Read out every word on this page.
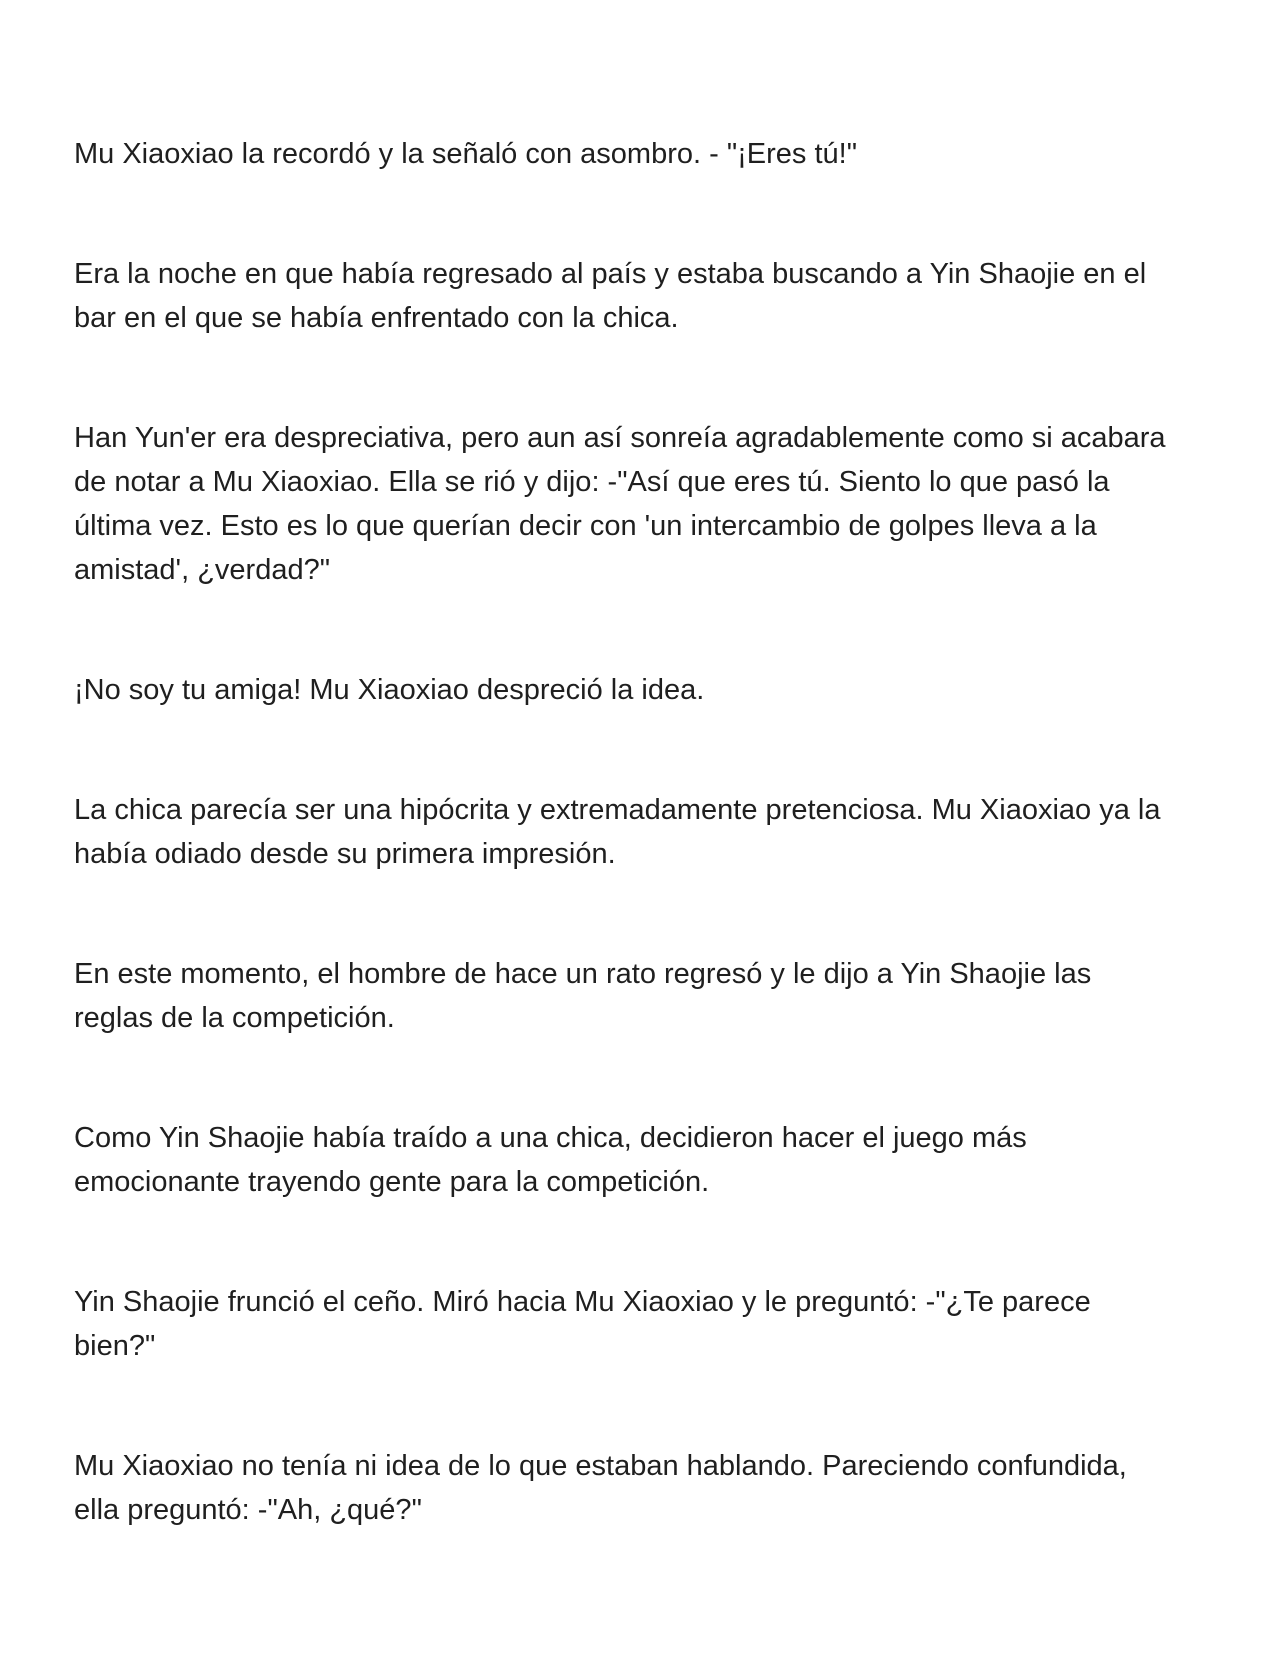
Mu Xiaoxiao la recordó y la señaló con asombro. - "¡Eres tú!"

Era la noche en que había regresado al país y estaba buscando a Yin Shaojie en el
bar en el que se había enfrentado con la chica.

Han Yun'er era despreciativa, pero aun así sonreía agradablemente como si acabara
de notar a Mu Xiaoxiao. Ella se rió y dijo: -"Así que eres tú. Siento lo que pasó la
última vez. Esto es lo que querían decir con 'un intercambio de golpes lleva a la
amistad', ¿verdad?"

¡No soy tu amiga! Mu Xiaoxiao despreció la idea.

La chica parecía ser una hipócrita y extremadamente pretenciosa. Mu Xiaoxiao ya la
había odiado desde su primera impresión.

En este momento, el hombre de hace un rato regresó y le dijo a Yin Shaojie las
reglas de la competición.

Como Yin Shaojie había traído a una chica, decidieron hacer el juego más
emocionante trayendo gente para la competición.

Yin Shaojie frunció el ceño. Miró hacia Mu Xiaoxiao y le preguntó: -"¿Te parece
bien?"

Mu Xiaoxiao no tenía ni idea de lo que estaban hablando. Pareciendo confundida,
ella preguntó: -"Ah, ¿qué?"
